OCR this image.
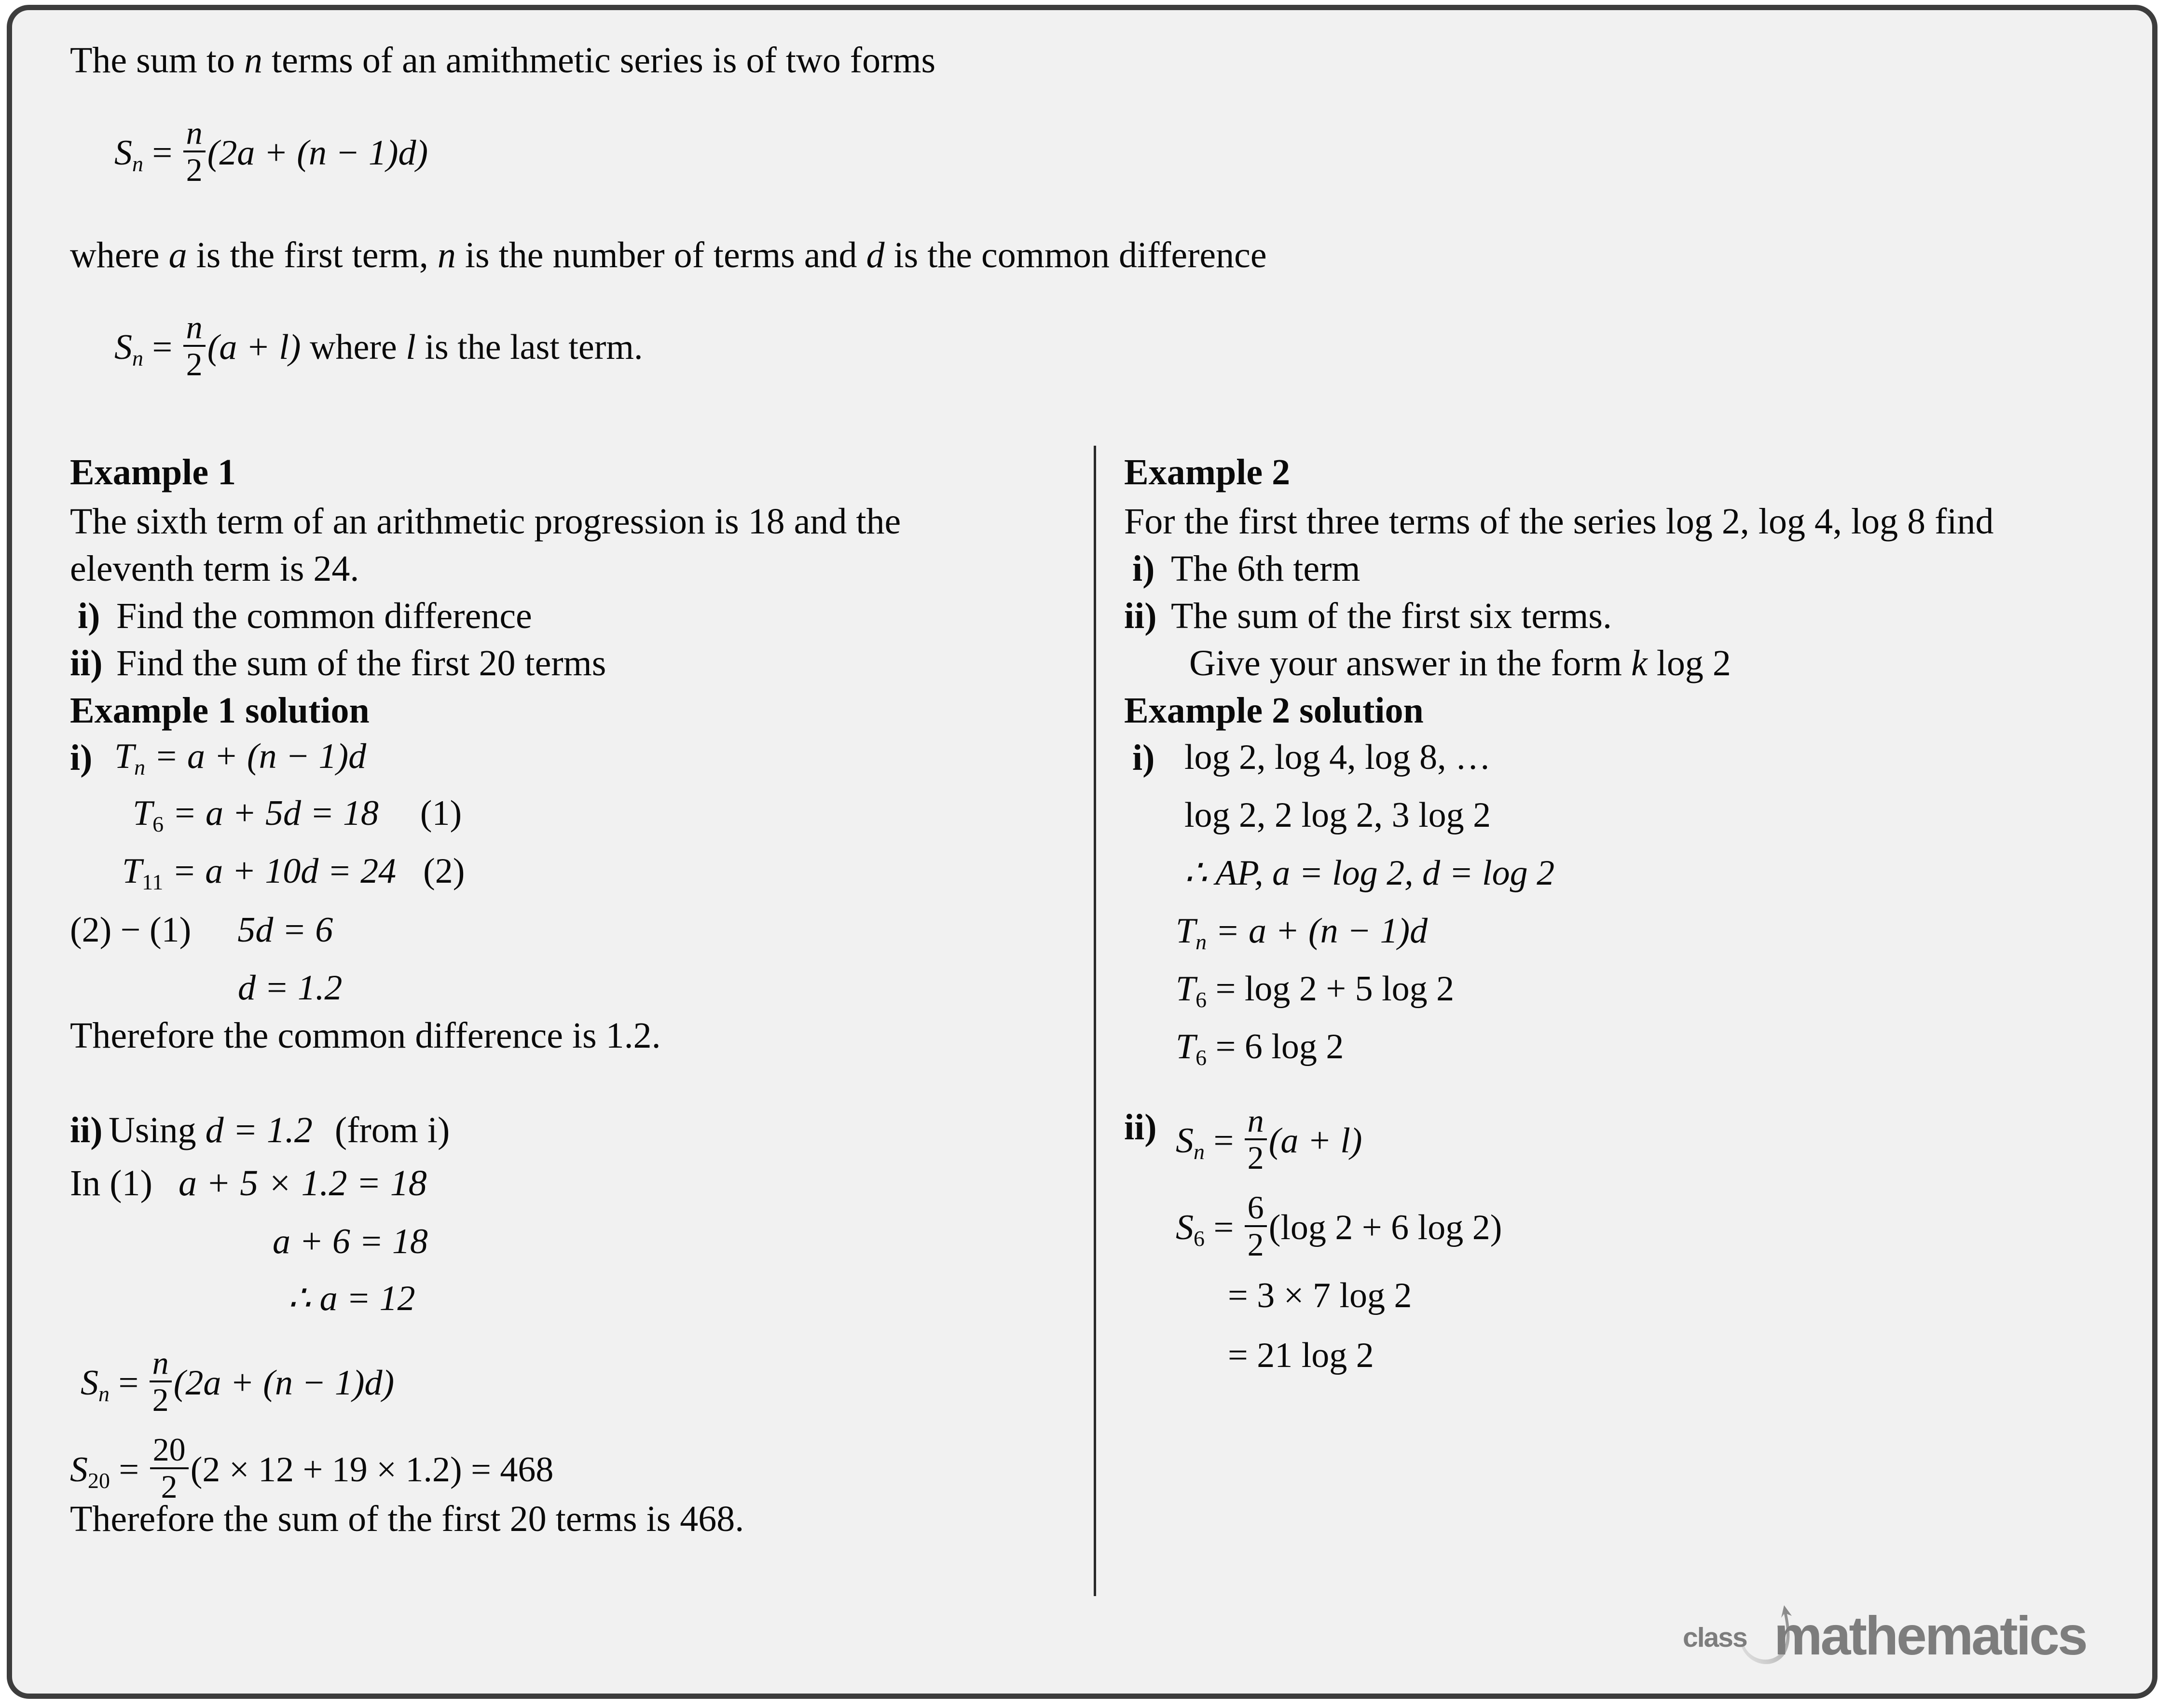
The sum to n terms of an amithmetic series is of two forms
$S_n = \frac{n}{2} (2a + (n - 1)d)$
where a is the first term, n is the number of terms and d is the common difference
$S_n = \frac{n}{2} (a + l)$ where l is the last term.
Example 1
The sixth term of an arithmetic progression is 18 and the
eleventh term is 24.
i) Find the common difference
ii) Find the sum of the first 20 terms
Example 1 solution
i) $T_n = a + (n - 1)d$
T6 = a + 5d = 18 (1)
T11 = a + 10d = 24 (2)
(2) − (1) 5d = 6
d = 1.2
Therefore the common difference is 1.2.
ii) Using d = 1.2 (from i)
In (1) a + 5 × 1.2 = 18
a + 6 = 18
∴ a = 12
$S_n = \frac{n}{2} (2a + (n - 1)d)$
$S20 = \frac{20}{2} (2 \times 12 + 19 \times 1.2) = 468$
Therefore the sum of the first 20 terms is 468.
Example 2
For the first three terms of the series log 2, log 4, log 8 find
i) The 6th term
ii) The sum of the first six terms.
Give your answer in the form k log 2
Example 2 solution
i) log 2, log 4, log 8, …
log 2, 2 log 2, 3 log 2
∴ AP, a = log 2, d = log 2
$T_n = a + (n - 1)d$
T6 = log 2 + 5 log 2
T6 = 6 log 2
ii) $S_n = \frac{n}{2} (a + l)$
$S6 = \frac{6}{2} (\log$ 2 + 6 log 2)
= 3 × 7 log 2
= 21 log 2
class mathematics
